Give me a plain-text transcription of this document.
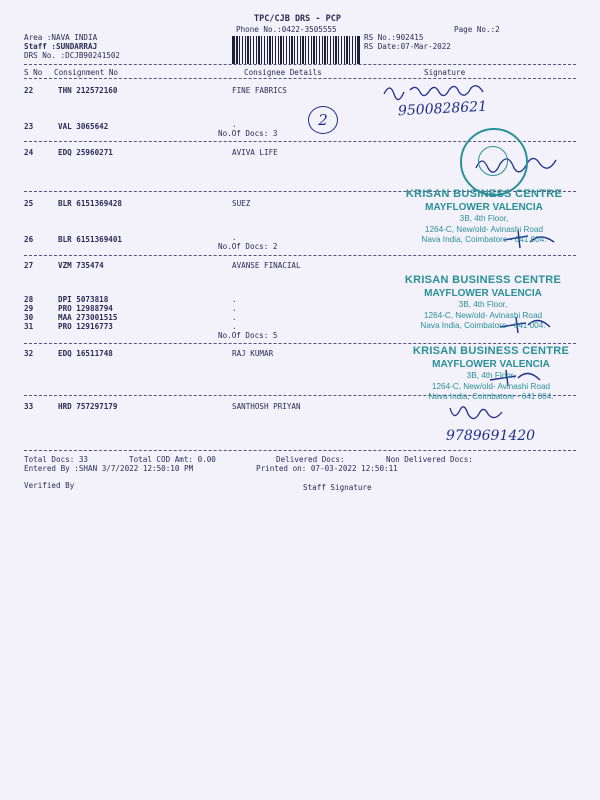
TPC/CJB DRS - PCP
Phone No.:0422-3505555	Page No.:2
Area :NAVA INDIA
Staff :SUNDARRAJ
DRS No. :DCJB90241502
RS No.:902415
RS Date:07-Mar-2022
S No Consignment No	Consignee Details	Signature
22	THN 212572160	FINE FABRICS
23	VAL 3065642	.
No.Of Docs: 3
24	EDQ 25960271	AVIVA LIFE
25	BLR 6151369428	SUEZ
26	BLR 6151369401	.
No.Of Docs: 2
27	VZM 735474	AVANSE FINACIAL
28	DPI 5073818	.
29	PRO 12988794	.
30	MAA 273001515	.
31	PRO 12916773	.
No.Of Docs: 5
32	EDQ 16511748	RAJ KUMAR
33	HRD 757297179	SANTHOSH PRIYAN
Total Docs: 33	Total COD Amt: 0.00	Delivered Docs:	Non Delivered Docs:
Entered By :SHAN 3/7/2022 12:50:10 PM	Printed on: 07-03-2022 12:50:11
Verified By	Staff Signature
9500828621
2
9789691420
KRISAN BUSINESS CENTRE
MAYFLOWER VALENCIA
3B, 4th Floor,
1264-C, New/old- Avinashi Road
Nava India, Coimbatore - 641 004.
KRISAN BUSINESS CENTRE
MAYFLOWER VALENCIA
3B, 4th Floor,
1264-C, New/old- Avinashi Road
Nava India, Coimbatore - 641 004.
KRISAN BUSINESS CENTRE
MAYFLOWER VALENCIA
3B, 4th Floor,
1264-C, New/old- Avinashi Road
Nava India, Coimbatore - 641 004.
